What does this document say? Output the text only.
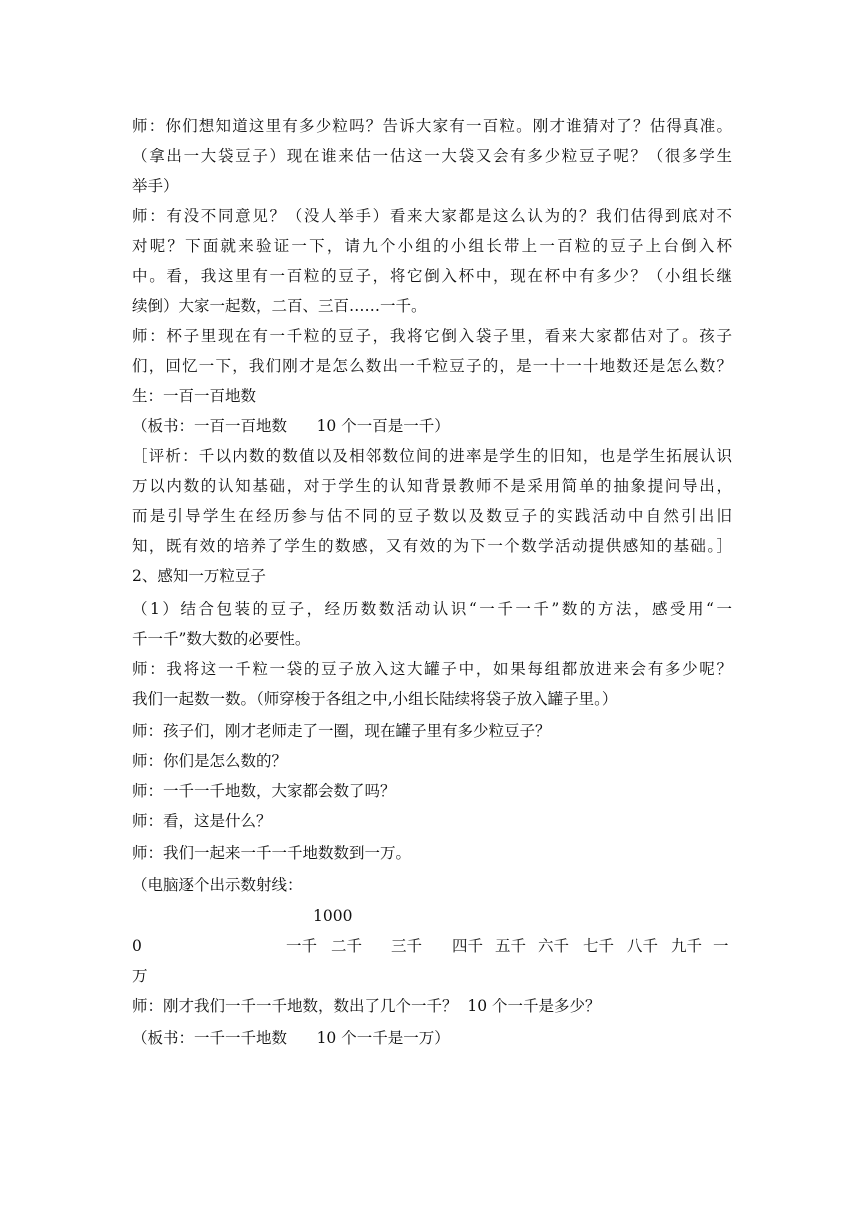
师：你们想知道这里有多少粒吗？告诉大家有一百粒。刚才谁猜对了？估得真准。
（拿出一大袋豆子）现在谁来估一估这一大袋又会有多少粒豆子呢？（很多学生
举手）
师：有没不同意见？（没人举手）看来大家都是这么认为的？我们估得到底对不
对呢？下面就来验证一下，请九个小组的小组长带上一百粒的豆子上台倒入杯
中。看，我这里有一百粒的豆子，将它倒入杯中，现在杯中有多少？（小组长继
续倒）大家一起数，二百、三百……一千。
师：杯子里现在有一千粒的豆子，我将它倒入袋子里，看来大家都估对了。孩子
们，回忆一下，我们刚才是怎么数出一千粒豆子的，是一十一十地数还是怎么数？
生：一百一百地数
（板书：一百一百地数      10 个一百是一千）
［评析：千以内数的数值以及相邻数位间的进率是学生的旧知，也是学生拓展认识
万以内数的认知基础，对于学生的认知背景教师不是采用简单的抽象提问导出，
而是引导学生在经历参与估不同的豆子数以及数豆子的实践活动中自然引出旧
知，既有效的培养了学生的数感，又有效的为下一个数学活动提供感知的基础。］
2、感知一万粒豆子
（1）结合包装的豆子，经历数数活动认识“一千一千”数的方法，感受用“一
千一千”数大数的必要性。
师：我将这一千粒一袋的豆子放入这大罐子中，如果每组都放进来会有多少呢？
我们一起数一数。（师穿梭于各组之中,小组长陆续将袋子放入罐子里。）
师：孩子们，刚才老师走了一圈，现在罐子里有多少粒豆子？
师：你们是怎么数的？
师：一千一千地数，大家都会数了吗？
师：看，这是什么？
师：我们一起来一千一千地数数到一万。
（电脑逐个出示数射线：
1000
0	一千 二千 三千 四千 五千 六千 七千 八千 九千 一
万
师：刚才我们一千一千地数，数出了几个一千？  10 个一千是多少？
（板书：一千一千地数      10 个一千是一万）
